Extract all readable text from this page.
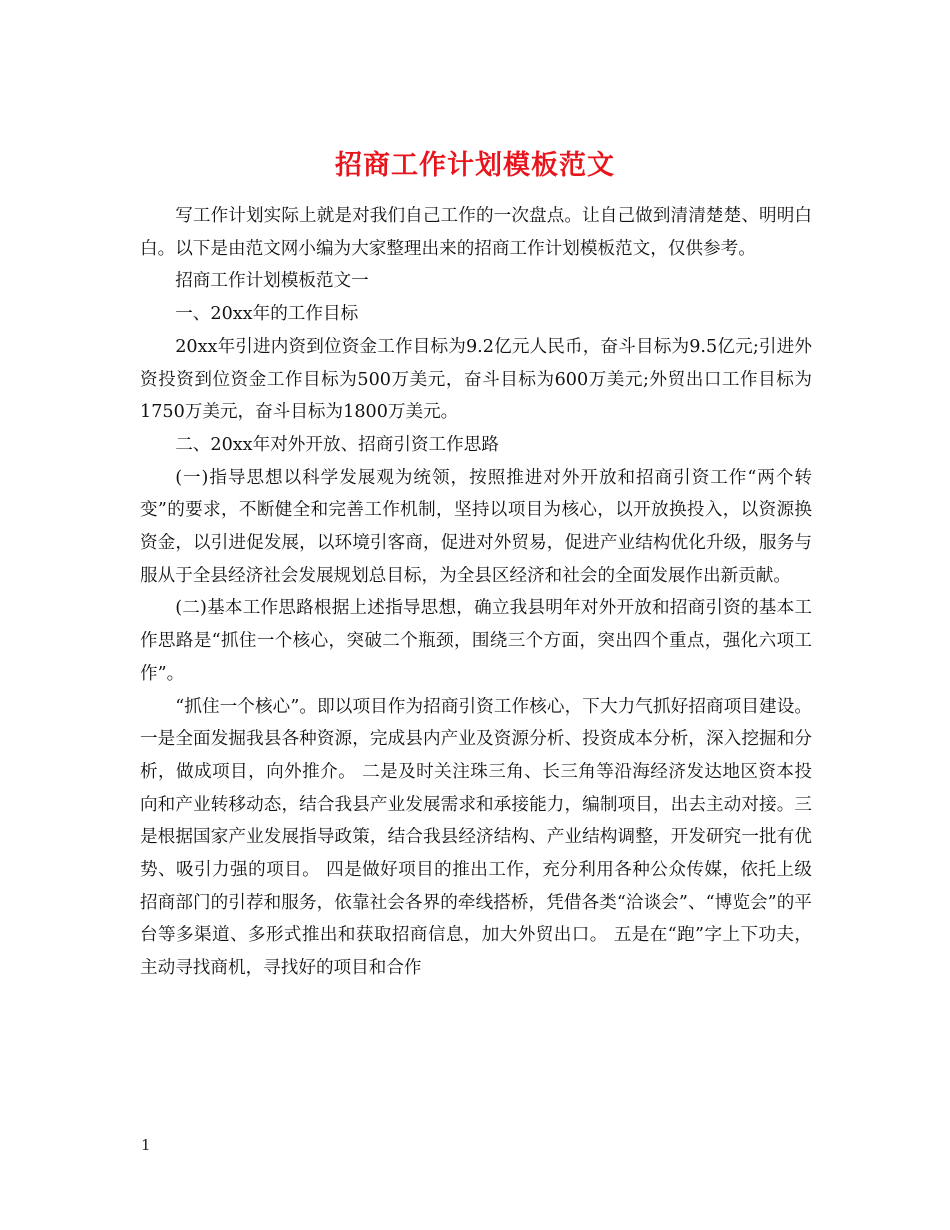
招商工作计划模板范文

写工作计划实际上就是对我们自己工作的一次盘点。让自己做到清清楚楚、明明白白。以下是由范文网小编为大家整理出来的招商工作计划模板范文，仅供参考。

招商工作计划模板范文一

一、20xx年的工作目标

20xx年引进内资到位资金工作目标为9.2亿元人民币，奋斗目标为9.5亿元;引进外资投资到位资金工作目标为500万美元，奋斗目标为600万美元;外贸出口工作目标为1750万美元，奋斗目标为1800万美元。

二、20xx年对外开放、招商引资工作思路

(一)指导思想以科学发展观为统领，按照推进对外开放和招商引资工作“两个转变”的要求，不断健全和完善工作机制，坚持以项目为核心，以开放换投入，以资源换资金，以引进促发展，以环境引客商，促进对外贸易，促进产业结构优化升级，服务与服从于全县经济社会发展规划总目标，为全县区经济和社会的全面发展作出新贡献。

(二)基本工作思路根据上述指导思想，确立我县明年对外开放和招商引资的基本工作思路是“抓住一个核心，突破二个瓶颈，围绕三个方面，突出四个重点，强化六项工作”。

“抓住一个核心”。即以项目作为招商引资工作核心，下大力气抓好招商项目建设。 一是全面发掘我县各种资源，完成县内产业及资源分析、投资成本分析，深入挖掘和分析，做成项目，向外推介。 二是及时关注珠三角、长三角等沿海经济发达地区资本投向和产业转移动态，结合我县产业发展需求和承接能力，编制项目，出去主动对接。三是根据国家产业发展指导政策，结合我县经济结构、产业结构调整，开发研究一批有优势、吸引力强的项目。 四是做好项目的推出工作，充分利用各种公众传媒，依托上级招商部门的引荐和服务，依靠社会各界的牵线搭桥，凭借各类“洽谈会”、“博览会”的平台等多渠道、多形式推出和获取招商信息，加大外贸出口。 五是在“跑”字上下功夫，主动寻找商机，寻找好的项目和合作

1
